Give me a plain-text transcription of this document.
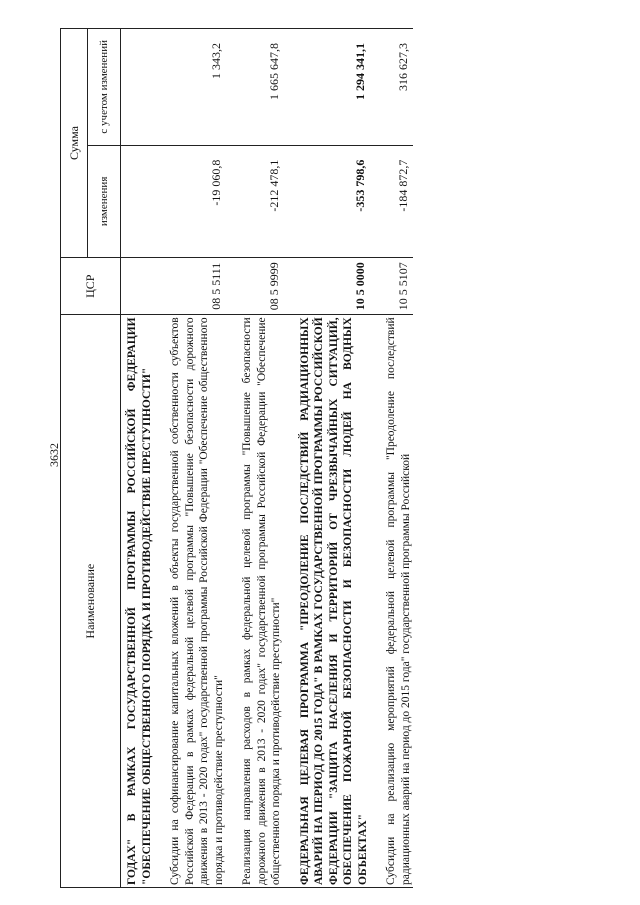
3632
Наименование	ЦСР	Сумма	
		изменения	с учетом изменений
ГОДАХ" В РАМКАХ ГОСУДАРСТВЕННОЙ ПРОГРАММЫ РОССИЙСКОЙ ФЕДЕРАЦИИ "ОБЕСПЕЧЕНИЕ ОБЩЕСТВЕННОГО ПОРЯДКА И ПРОТИВОДЕЙСТВИЕ ПРЕСТУПНОСТИ"			
Субсидии на софинансирование капитальных вложений в объекты государственной собственности субъектов Российской Федерации в рамках федеральной целевой программы "Повышение безопасности дорожного движения в 2013 - 2020 годах" государственной программы Российской Федерации "Обеспечение общественного порядка и противодействие преступности"	08 5 5111	-19 060,8	1 343,2
Реализация направления расходов в рамках федеральной целевой программы "Повышение безопасности дорожного движения в 2013 - 2020 годах" государственной программы Российской Федерации "Обеспечение общественного порядка и противодействие преступности"	08 5 9999	-212 478,1	1 665 647,8
ФЕДЕРАЛЬНАЯ ЦЕЛЕВАЯ ПРОГРАММА "ПРЕОДОЛЕНИЕ ПОСЛЕДСТВИЙ РАДИАЦИОННЫХ АВАРИЙ НА ПЕРИОД ДО 2015 ГОДА" В РАМКАХ ГОСУДАРСТВЕННОЙ ПРОГРАММЫ РОССИЙСКОЙ ФЕДЕРАЦИИ "ЗАЩИТА НАСЕЛЕНИЯ И ТЕРРИТОРИЙ ОТ ЧРЕЗВЫЧАЙНЫХ СИТУАЦИЙ, ОБЕСПЕЧЕНИЕ ПОЖАРНОЙ БЕЗОПАСНОСТИ И БЕЗОПАСНОСТИ ЛЮДЕЙ НА ВОДНЫХ ОБЪЕКТАХ"	10 5 0000	-353 798,6	1 294 341,1
Субсидии на реализацию мероприятий федеральной целевой программы "Преодоление последствий радиационных аварий на период до 2015 года" государственной программы Российской	10 5 5107	-184 872,7	316 627,3
